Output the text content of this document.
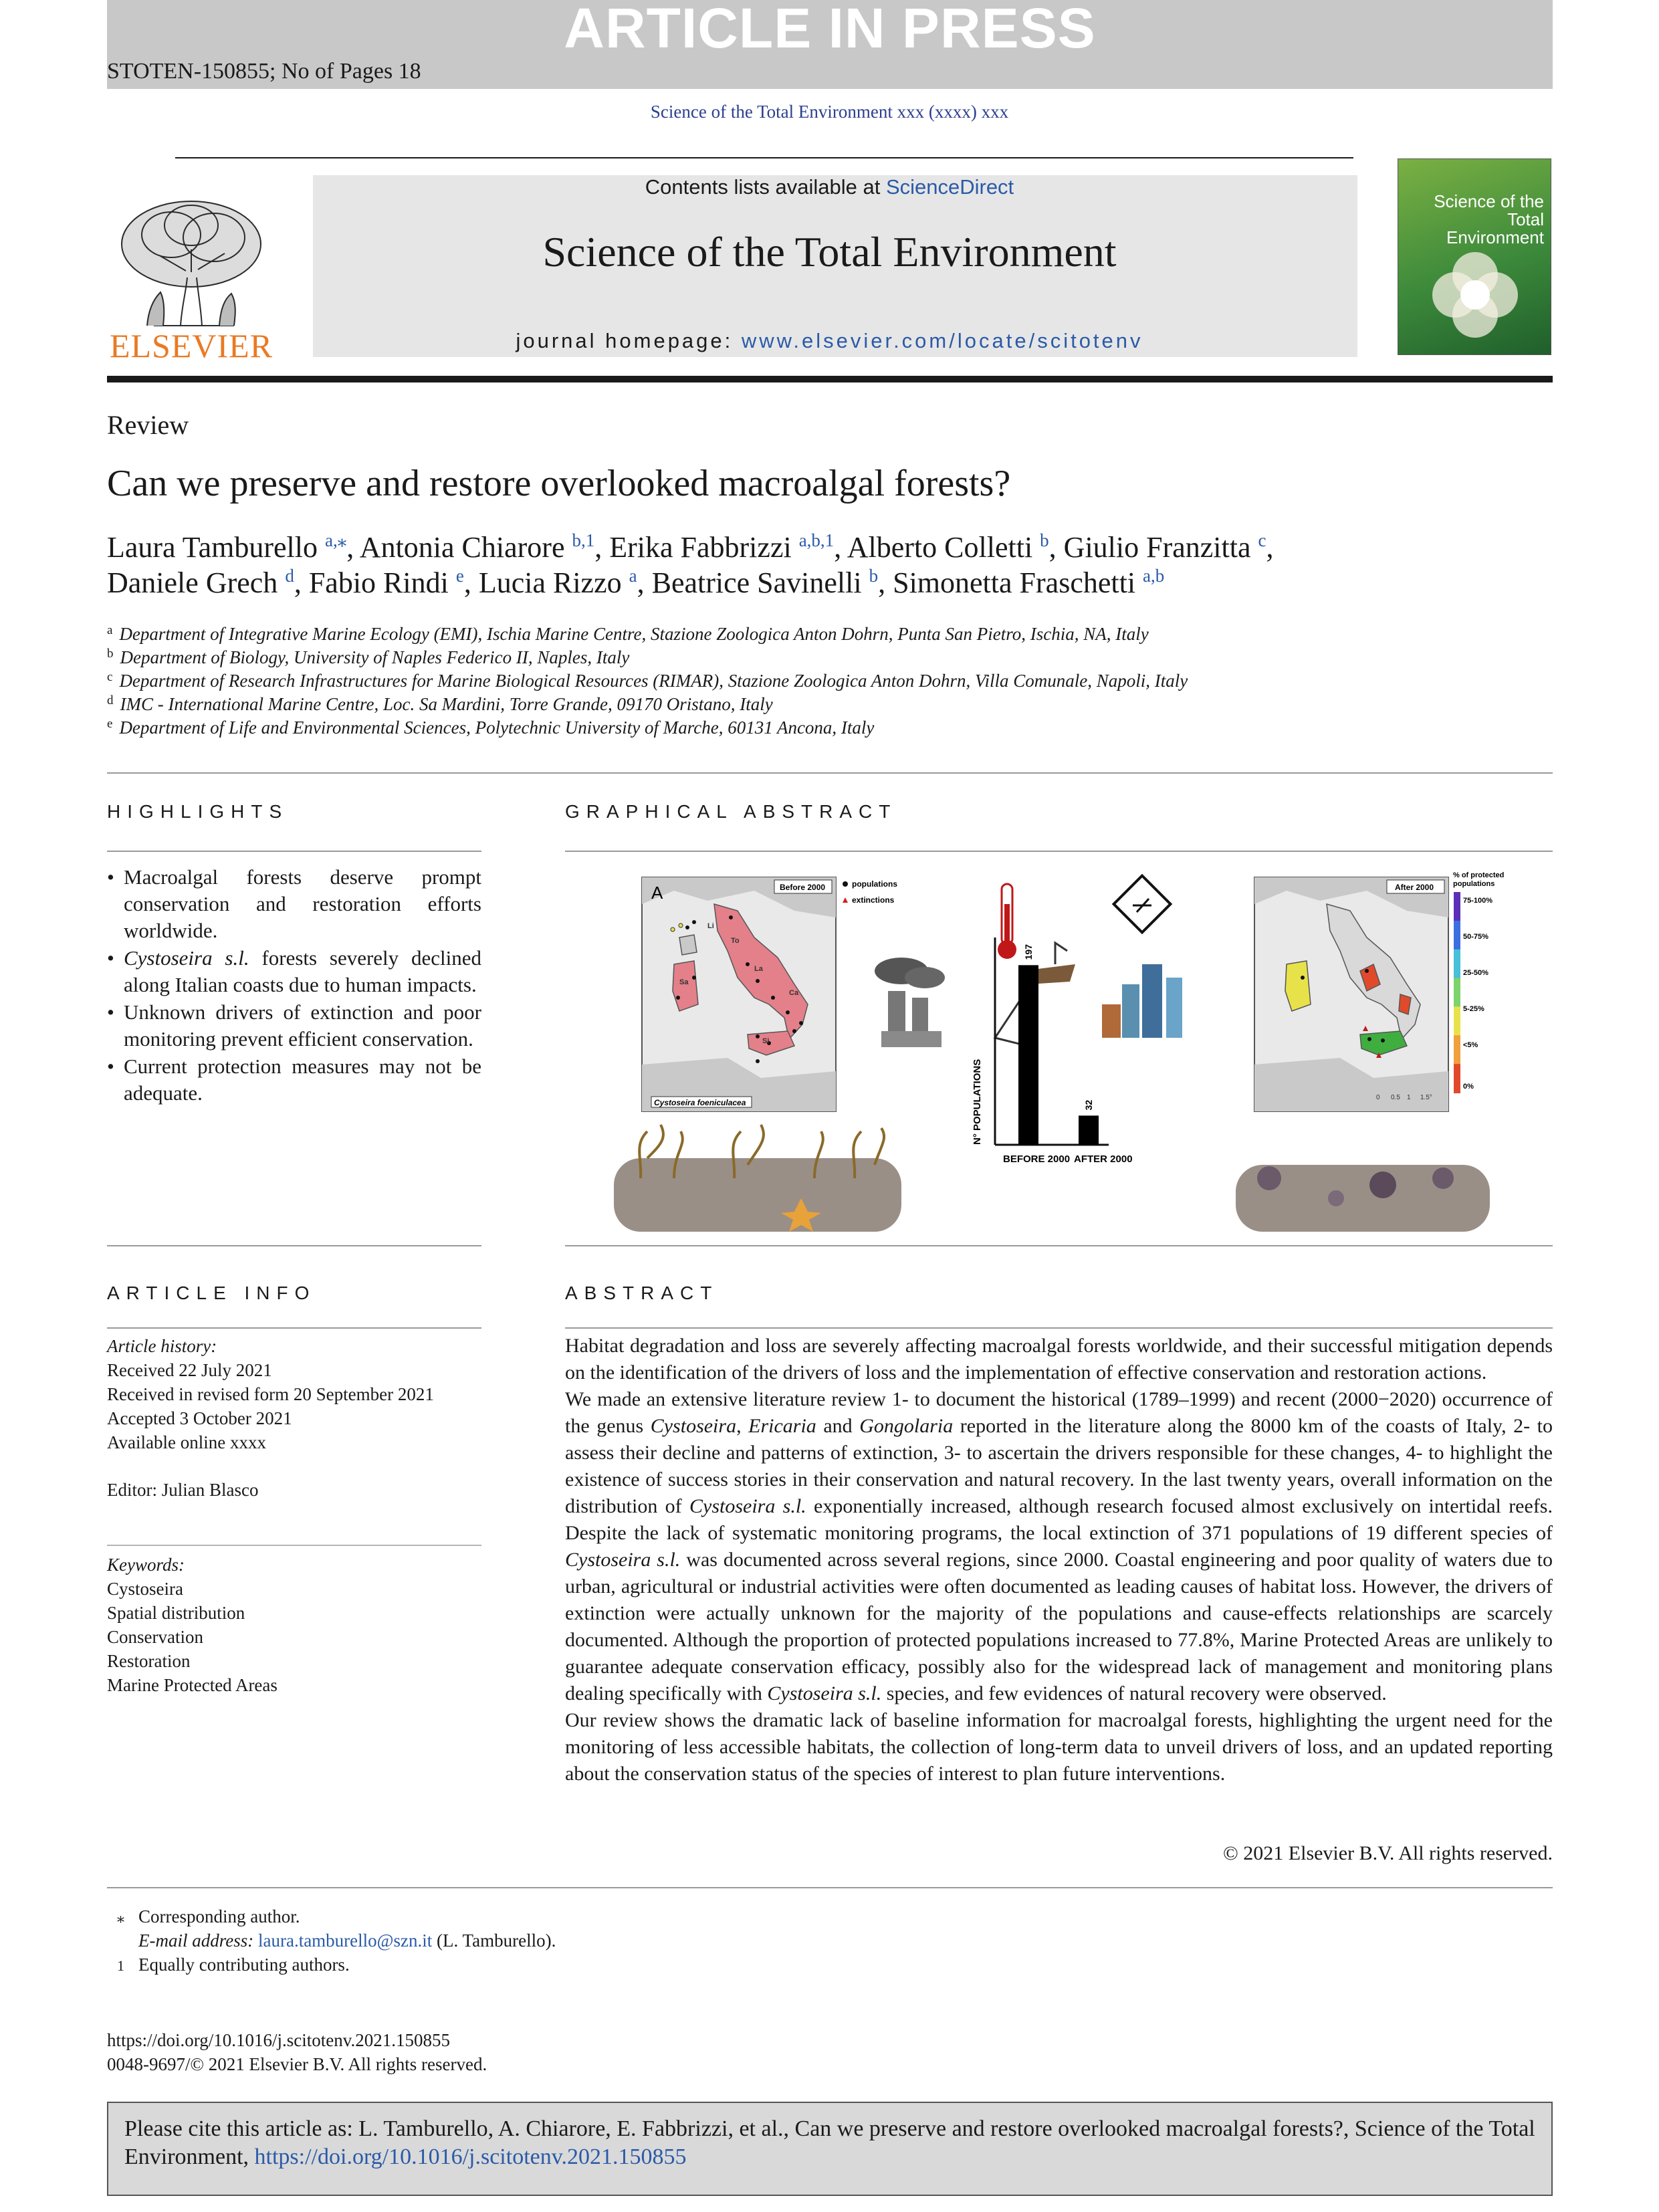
ARTICLE IN PRESS
STOTEN-150855; No of Pages 18
Science of the Total Environment xxx (xxxx) xxx
ELSEVIER
Contents lists available at ScienceDirect
Science of the Total Environment
journal homepage: www.elsevier.com/locate/scitotenv
Science of the
Total Environment
Review
Can we preserve and restore overlooked macroalgal forests?
Laura Tamburello $^{a,⁎}$, Antonia Chiarore $^{b,1}$, Erika Fabbrizzi $^{a,b,1}$, Alberto Colletti $^b$, Giulio Franzitta $^c$,
Daniele Grech $^d$, Fabio Rindi $^e$, Lucia Rizzo $^a$, Beatrice Savinelli $^b$, Simonetta Fraschetti $^{a,b}$
$^a$ Department of Integrative Marine Ecology (EMI), Ischia Marine Centre, Stazione Zoologica Anton Dohrn, Punta San Pietro, Ischia, NA, Italy
$^b$ Department of Biology, University of Naples Federico II, Naples, Italy
$^c$ Department of Research Infrastructures for Marine Biological Resources (RIMAR), Stazione Zoologica Anton Dohrn, Villa Comunale, Napoli, Italy
$^d$ IMC - International Marine Centre, Loc. Sa Mardini, Torre Grande, 09170 Oristano, Italy
$^e$ Department of Life and Environmental Sciences, Polytechnic University of Marche, 60131 Ancona, Italy
HIGHLIGHTS
• Macroalgal forests deserve prompt conservation and restoration efforts worldwide.
• Cystoseira s.l. forests severely declined along Italian coasts due to human impacts.
• Unknown drivers of extinction and poor monitoring prevent efficient conservation.
• Current protection measures may not be adequate.
GRAPHICAL ABSTRACT
A	Before 2000
Li
To
Sa
La
Ca
Si
Cystoseira foeniculacea
populations
extinctions
N° POPULATIONS
197
32
BEFORE 2000 AFTER 2000
After 2000
0 0.5 1 1.5°
% of protected
populations
75-100%
50-75%
25-50%
5-25%
<5%
0%
ARTICLE INFO
Article history:
Received 22 July 2021
Received in revised form 20 September 2021
Accepted 3 October 2021
Available online xxxx
Editor: Julian Blasco
Keywords:
Cystoseira
Spatial distribution
Conservation
Restoration
Marine Protected Areas
ABSTRACT

Habitat degradation and loss are severely affecting macroalgal forests worldwide, and their successful mitigation depends on the identification of the drivers of loss and the implementation of effective conservation and restoration actions.

We made an extensive literature review 1- to document the historical (1789–1999) and recent (2000−2020) occurrence of the genus Cystoseira, Ericaria and Gongolaria reported in the literature along the 8000 km of the coasts of Italy, 2- to assess their decline and patterns of extinction, 3- to ascertain the drivers responsible for these changes, 4- to highlight the existence of success stories in their conservation and natural recovery. In the last twenty years, overall information on the distribution of Cystoseira s.l. exponentially increased, although research focused almost exclusively on intertidal reefs. Despite the lack of systematic monitoring programs, the local extinction of 371 populations of 19 different species of Cystoseira s.l. was documented across several regions, since 2000. Coastal engineering and poor quality of waters due to urban, agricultural or industrial activities were often documented as leading causes of habitat loss. However, the drivers of extinction were actually unknown for the majority of the populations and cause-effects relationships are scarcely documented. Although the proportion of protected populations increased to 77.8%, Marine Protected Areas are unlikely to guarantee adequate conservation efficacy, possibly also for the widespread lack of management and monitoring plans dealing specifically with Cystoseira s.l. species, and few evidences of natural recovery were observed.

Our review shows the dramatic lack of baseline information for macroalgal forests, highlighting the urgent need for the monitoring of less accessible habitats, the collection of long-term data to unveil drivers of loss, and an updated reporting about the conservation status of the species of interest to plan future interventions.

© 2021 Elsevier B.V. All rights reserved.
⁎ Corresponding author.
E-mail address: laura.tamburello@szn.it (L. Tamburello).
1 Equally contributing authors.
https://doi.org/10.1016/j.scitotenv.2021.150855
0048-9697/© 2021 Elsevier B.V. All rights reserved.
Please cite this article as: L. Tamburello, A. Chiarore, E. Fabbrizzi, et al., Can we preserve and restore overlooked macroalgal forests?, Science of the Total Environment, https://doi.org/10.1016/j.scitotenv.2021.150855
